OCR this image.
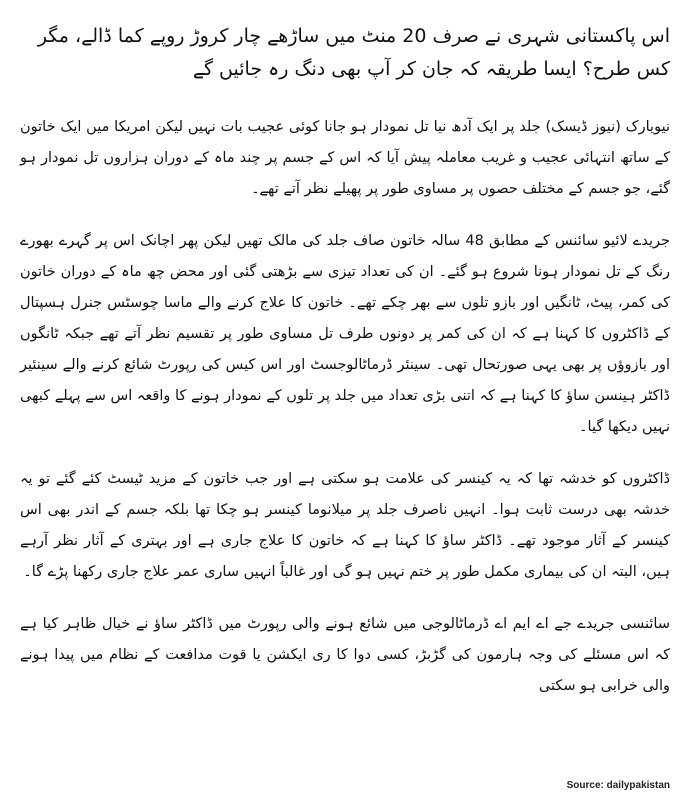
اس پاکستانی شہری نے صرف 20 منٹ میں ساڑھے چار کروڑ روپے کما ڈالے، مگر کس طرح؟ ایسا طریقہ کہ جان کر آپ بھی دنگ رہ جائیں گے

نیویارک (نیوز ڈیسک) جلد پر ایک آدھ نیا تل نمودار ہو جانا کوئی عجیب بات نہیں لیکن امریکا میں ایک خاتون کے ساتھ انتہائی عجیب و غریب معاملہ پیش آیا کہ اس کے جسم پر چند ماہ کے دوران ہزاروں تل نمودار ہو گئے، جو جسم کے مختلف حصوں پر مساوی طور پر پھیلے نظر آتے تھے۔

جریدے لائیو سائنس کے مطابق 48 سالہ خاتون صاف جلد کی مالک تھیں لیکن پھر اچانک اس پر گہرے بھورے رنگ کے تل نمودار ہونا شروع ہو گئے۔ ان کی تعداد تیزی سے بڑھتی گئی اور محض چھ ماہ کے دوران خاتون کی کمر، پیٹ، ٹانگیں اور بازو تلوں سے بھر چکے تھے۔ خاتون کا علاج کرنے والے ماسا چوسٹس جنرل ہسپتال کے ڈاکٹروں کا کہنا ہے کہ ان کی کمر پر دونوں طرف تل مساوی طور پر تقسیم نظر آتے تھے جبکہ ٹانگوں اور بازوؤں پر بھی یہی صورتحال تھی۔ سینئر ڈرماٹالوجسٹ اور اس کیس کی رپورٹ شائع کرنے والے سینئیر ڈاکٹر ہینسن ساؤ کا کہنا ہے کہ اتنی بڑی تعداد میں جلد پر تلوں کے نمودار ہونے کا واقعہ اس سے پہلے کبھی نہیں دیکھا گیا۔

ڈاکٹروں کو خدشہ تھا کہ یہ کینسر کی علامت ہو سکتی ہے اور جب خاتون کے مزید ٹیسٹ کئے گئے تو یہ خدشہ بھی درست ثابت ہوا۔ انہیں ناصرف جلد پر میلانوما کینسر ہو چکا تھا بلکہ جسم کے اندر بھی اس کینسر کے آثار موجود تھے۔ ڈاکٹر ساؤ کا کہنا ہے کہ خاتون کا علاج جاری ہے اور بہتری کے آثار نظر آرہے ہیں، البتہ ان کی بیماری مکمل طور پر ختم نہیں ہو گی اور غالباً انہیں ساری عمر علاج جاری رکھنا پڑے گا۔

سائنسی جریدے جے اے ایم اے ڈرماٹالوجی میں شائع ہونے والی رپورٹ میں ڈاکٹر ساؤ نے خیال ظاہر کیا ہے کہ اس مسئلے کی وجہ ہارمون کی گڑبڑ، کسی دوا کا ری ایکشن یا قوت مدافعت کے نظام میں پیدا ہونے والی خرابی ہو سکتی

Source: dailypakistan
